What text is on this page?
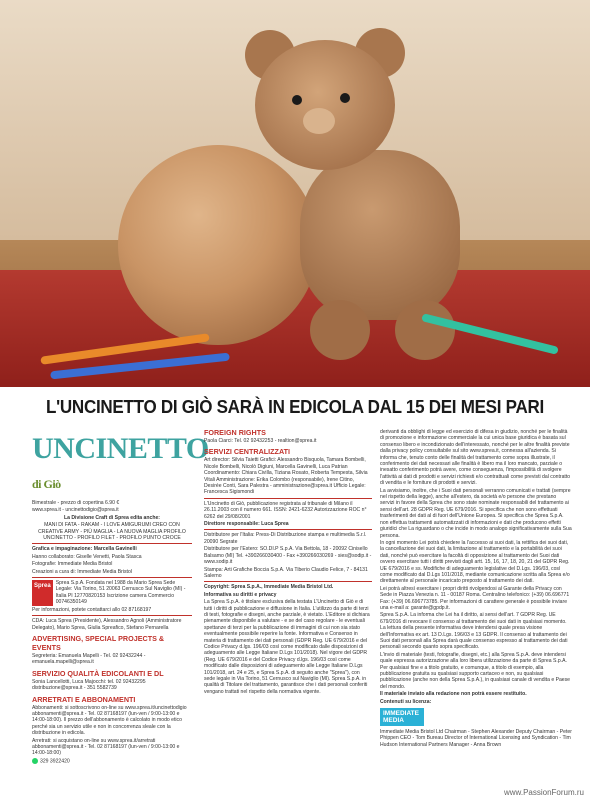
L'UNCINETTO DI GIÒ SARÀ IN EDICOLA DAL 15 DEI MESI PARI
UNCINETTO di Giò
Bimestrale - prezzo di copertina 6.90 €
www.sprea.it - uncinettodigio@sprea.it
La Divisione Craft di Sprea edita anche:
MANI DI FATA - RAKAM - I LOVE AMIGURUMI CREO CON CREATIVE ARMY - PIÙ MAGLIA - LA NUOVA MAGLIA PROFILO UNCINETTO - PROFILO FILET - PROFILO PUNTO CROCE
Grafica e impaginazione: Marcella Gavinelli
Hanno collaborato: Giselle Venetti, Paola Stasca
Fotografie: Immediate Media Bristol
Creazioni a cura di: Immediate Media Bristol
Sprea Sprea S.p.A. Fondata nel 1988 da Mario Sprea Sede Legale: Via Torino, 51 20063 Cernusco Sul Naviglio (MI) - Italia PI 12770820153 Iscrizione camera Commercio 00746350149
Per informazioni, potete contattarci allo 02 87168197
CDA: Luca Sprea (Presidente), Alessandro Agnoli (Amministratore Delegato), Mario Sprea, Giulia Spreafico, Stefano Pernarella
ADVERTISING, SPECIAL PROJECTS & EVENTS
Segreteria: Emanuela Mapelli - Tel. 02 92432244 - emanuela.mapelli@sprea.it
SERVIZIO QUALITÀ EDICOLANTI E DL
Sonia Lancellotti, Luca Majocchi: tel. 02 92432295 distribuzione@sprea.it - 351 5582739
ARRETRATI E ABBONAMENTI
Abbonamenti: si sottoscrivono on-line su www.sprea.it/uncinettodigio abbonamenti@sprea.it - Tel. 02 87168197 (lun-ven / 9:00-13:00 e 14:00-18:00). Il prezzo dell'abbonamento è calcolato in modo etico perché sia un servizio utile e non in concorrenza sleale con la distribuzione in edicola.
Arretrati: si acquistano on-line su www.sprea.it/arretrati abbonamenti@sprea.it - Tel. 02 87168197 (lun-ven / 9:00-13:00 e 14:00-18:00)
329 3922420
FOREIGN RIGHTS
Paola Ciarci: Tel. 02 92432253 - realtion@sprea.it
SERVIZI CENTRALIZZATI
Art director: Silvia Taietti Grafici: Alessandro Bisquola, Tamara Bombelli, Nicole Bombelli, Nicolò Digiuni, Marcella Gavinelli, Luca Patrian Coordinamento: Chiara Civilla, Tiziana Rosato, Roberta Tempesta, Silvia Vitali Amministrazione: Erika Colombo (responsabile), Irene Citino, Desirée Conti, Sara Palestra - amministrazione@sprea.it Ufficio Legale: Francesca Sigismondi
L'Uncinetto di Giò, pubblicazione registrata al tribunale di Milano il 26.11.2003 con il numero 661. ISSN: 2421-6232 Autorizzazione ROC n° 6262 del 29/08/2001
Direttore responsabile: Luca Sprea
Distributore per l'Italia: Press-Di Distribuzione stampa e multimedia S.r.l. 20090 Segrate
Distributore per l'Estero: SO.DI.P S.p.A. Via Bettola, 18 - 20092 Cinisello Balsamo (MI) Tel. +390266030400 - Fax +390266030269 - sies@sodip.it - www.sodip.it
Stampa: Arti Grafiche Boccia S.p.A. Via Tiberio Claudio Felice, 7 - 84131 Salerno
Copyright: Sprea S.p.A., Immediate Media Bristol Ltd.
Informativa su diritti e privacy
La Sprea S.p.A. è titolare esclusiva della testata L'Uncinetto di Giò e di tutti i diritti di pubblicazione e diffusione in Italia. L'utilizzo da parte di terzi di testi, fotografie e disegni, anche parziale, è vietato. L'Editore si dichiara pienamente disponibile a valutare - e se del caso regolare - le eventuali spettanze di terzi per la pubblicazione di immagini di cui non sia stato eventualmente possibile reperire la fonte. Informativa e Consenso in materia di trattamento dei dati personali (GDPR Reg. UE 679/2016 e del Codice Privacy d.lgs. 196/03 così come modificato dalle disposizioni di adeguamento alle Legge Italiane D.Lgs 101/2018). Nel vigore del GDPR (Reg. UE 679/2016 e del Codice Privacy d.lgs. 196/03 così come modificato dalle disposizioni di adeguamento alle Legge Italiane D.Lgs 101/2018, art. 24 e 25, e Sprea S.p.A. di seguito anche "Sprea"), con sede legale in Via Torino, 51 Cernusco sul Naviglio (MI). Sprea S.p.A. in qualità di Titolare del trattamento, garantisce che i dati personali conferiti vengano trattati nel rispetto della normativa vigente.
derivanti da obblighi di legge ed esercizio di difesa in giudizio, nonché per le finalità di promozione e informazione commerciale la cui unica base giuridica è basata sul consenso libero e incondizionato dell'interessato, nonché per le altre finalità previste dalla privacy policy consultabile sul sito www.sprea.it, connessa all'azienda. Si informa che, tenuto conto delle finalità del trattamento come sopra illustrate, il conferimento dei dati necessari alle finalità è libero ma il loro mancato, parziale o inesatto conferimento potrà avere, come conseguenza, l'impossibilità di svolgere l'attività ai dati di prodotti e servizi richiesti e/o contrattuali come previsti dal contratto di vendita e le forniture di prodotti e servizi.
La avvisiamo, inoltre, che i Suoi dati personali verranno comunicati e trattati (sempre nel rispetto della legge), anche all'estero, da società e/o persone che prestano servizi in favore della Sprea che sono state nominate responsabili del trattamento ai sensi dell'art. 28 GDPR Reg. UE 679/2016. Si specifica che non sono effettuati trasferimenti dei dati al di fuori dell'Unione Europea. Si specifica che Sprea S.p.A. non effettua trattamenti automatizzati di informazioni e dati che producono effetti giuridici che La riguardano o che incide in modo analogo significativamente sulla Sua persona.
In ogni momento Lei potrà chiedere la l'accesso ai suoi dati, la rettifica dei suoi dati, la cancellazione dei suoi dati, la limitazione al trattamento e la portabilità dei suoi dati, nonché può esercitare la facoltà di opposizione al trattamento dei Suoi dati ovvero esercitare tutti i diritti previsti dagli artt. 15, 16, 17, 18, 20, 21 del GDPR Reg. UE 679/2016 e ss. Modifiche di adeguamento legislative del D.Lgs. 196/03, così come modificato dal D.Lgs 101/2018, mediante comunicazione scritta alla Sprea e/o direttamente al personale incaricato preposto al trattamento dei dati.
Lei potrà altresì esercitare i propri diritti rivolgendosi al Garante della Privacy con Sede in Piazza Venezia n. 11 - 00187 Roma. Centralino telefonico: (+39) 06.696771 Fax: (+39) 06.696773785. Per informazioni di carattere generale è possibile inviare una e-mail a: garante@gpdp.it.
Sprea S.p.A. La informa che Lei ha il diritto, ai sensi dell'art. 7 GDPR Reg. UE 679/2016 di revocare il consenso al trattamento dei suoi dati in qualsiasi momento. La lettura della presente informativa deve intendersi quale presa visione dell'Informativa ex art. 13 D.Lgs. 196/03 e 13 GDPR. Il consenso al trattamento dei Suoi dati personali alla Sprea darà quale consenso espresso al trattamento dei dati personali secondo quanto sopra specificato.
L'invio di materiale (testi, fotografie, disegni, etc.) alla Sprea S.p.A. deve intendersi quale espressa autorizzazione alla loro libera utilizzazione da parte di Sprea S.p.A. Per qualsiasi fine e a titolo gratuito, e comunque, a titolo di esempio, alla pubblicazione gratuita su qualsiasi supporto cartaceo e non, su qualsiasi pubblicazione (anche non della Sprea S.p.A.), in qualsiasi canale di vendita e Paese del mondo.
Il materiale inviato alla redazione non potrà essere restituito.
Contenuti su licenza:
IMMEDIATE MEDIA
Immediate Media Bristol Ltd Chairman - Stephen Alexander Deputy Chairman - Peter Phippen CEO - Tom Bureau Director of International Licensing and Syndication - Tim Hudson International Partners Manager - Anna Brown
www.PassionForum.ru
